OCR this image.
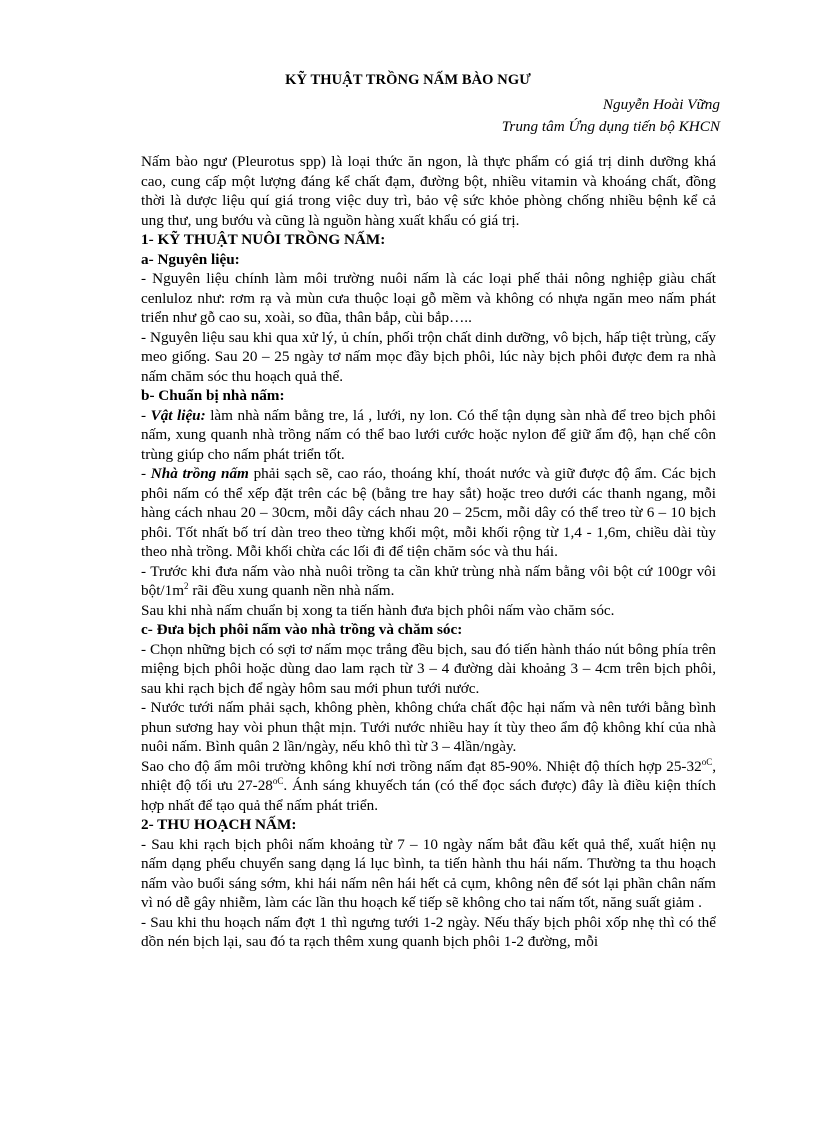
KỸ THUẬT TRỒNG NẤM BÀO NGƯ
Nguyễn Hoài Vững
Trung tâm Ứng dụng tiến bộ KHCN

Nấm bào ngư (Pleurotus spp) là loại thức ăn ngon, là thực phẩm có giá trị dinh dưỡng khá cao, cung cấp một lượng đáng kể chất đạm, đường bột, nhiều vitamin và khoáng chất, đồng thời là dược liệu quí giá trong việc duy trì, bảo vệ sức khỏe phòng chống nhiều bệnh kể cả ung thư, ung bướu và cũng là nguồn hàng xuất khẩu có giá trị.

1- KỸ THUẬT NUÔI TRỒNG NẤM:

a- Nguyên liệu:

- Nguyên liệu chính làm môi trường nuôi nấm là các loại phế thải nông nghiệp giàu chất cenluloz như: rơm rạ và mùn cưa thuộc loại gỗ mềm và không có nhựa ngăn meo nấm phát triển như gỗ cao su, xoài, so đũa, thân bắp, cùi bắp…..

- Nguyên liệu sau khi qua xử lý, ủ chín, phối trộn chất dinh dưỡng, vô bịch, hấp tiệt trùng, cấy meo giống. Sau 20 – 25 ngày tơ nấm mọc đầy bịch phôi, lúc này bịch phôi được đem ra nhà nấm chăm sóc thu hoạch quả thể.

b- Chuẩn bị nhà nấm:

- Vật liệu: làm nhà nấm bằng tre, lá , lưới, ny lon. Có thể tận dụng sàn nhà để treo bịch phôi nấm, xung quanh nhà trồng nấm có thể bao lưới cước hoặc nylon để giữ ẩm độ, hạn chế côn trùng giúp cho nấm phát triển tốt.

- Nhà trồng nấm phải sạch sẽ, cao ráo, thoáng khí, thoát nước và giữ được độ ẩm. Các bịch phôi nấm có thể xếp đặt trên các bệ (bằng tre hay sắt) hoặc treo dưới các thanh ngang, mỗi hàng cách nhau 20 – 30cm, mỗi dây cách nhau 20 – 25cm, mỗi dây có thể treo từ 6 – 10 bịch phôi. Tốt nhất bố trí dàn treo theo từng khối một, mỗi khối rộng từ 1,4 - 1,6m, chiều dài tùy theo nhà trồng. Mỗi khối chừa các lối đi để tiện chăm sóc và thu hái.

- Trước khi đưa nấm vào nhà nuôi trồng ta cần khử trùng nhà nấm bằng vôi bột cứ 100gr vôi bột/$1m^2$ rãi đều xung quanh nền nhà nấm.

Sau khi nhà nấm chuẩn bị xong ta tiến hành đưa bịch phôi nấm vào chăm sóc.

c- Đưa bịch phôi nấm vào nhà trồng và chăm sóc:

- Chọn những bịch có sợi tơ nấm mọc trắng đều bịch, sau đó tiến hành tháo nút bông phía trên miệng bịch phôi hoặc dùng dao lam rạch từ 3 – 4 đường dài khoảng 3 – 4cm trên bịch phôi, sau khi rạch bịch để ngày hôm sau mới phun tưới nước.

- Nước tưới nấm phải sạch, không phèn, không chứa chất độc hại nấm và nên tưới bằng bình phun sương hay vòi phun thật mịn. Tưới nước nhiều hay ít tùy theo ẩm độ không khí của nhà nuôi nấm. Bình quân 2 lần/ngày, nếu khô thì từ 3 – 4lần/ngày.

Sao cho độ ẩm môi trường không khí nơi trồng nấm đạt 85-90%. Nhiệt độ thích hợp $25-32^{oC}$, nhiệt độ tối ưu $27-28^{oC}$. Ánh sáng khuyếch tán (có thể đọc sách được) đây là điều kiện thích hợp nhất để tạo quả thể nấm phát triển.

2- THU HOẠCH NẤM:

- Sau khi rạch bịch phôi nấm khoảng từ 7 – 10 ngày nấm bắt đầu kết quả thể, xuất hiện nụ nấm dạng phểu chuyển sang dạng lá lục bình, ta tiến hành thu hái nấm. Thường ta thu hoạch nấm vào buổi sáng sớm, khi hái nấm nên hái hết cả cụm, không nên để sót lại phần chân nấm vì nó dễ gây nhiễm, làm các lần thu hoạch kế tiếp sẽ không cho tai nấm tốt, năng suất giảm .

- Sau khi thu hoạch nấm đợt 1 thì ngưng tưới 1-2 ngày. Nếu thấy bịch phôi xốp nhẹ thì có thể dồn nén bịch lại, sau đó ta rạch thêm xung quanh bịch phôi 1-2 đường, mỗi
